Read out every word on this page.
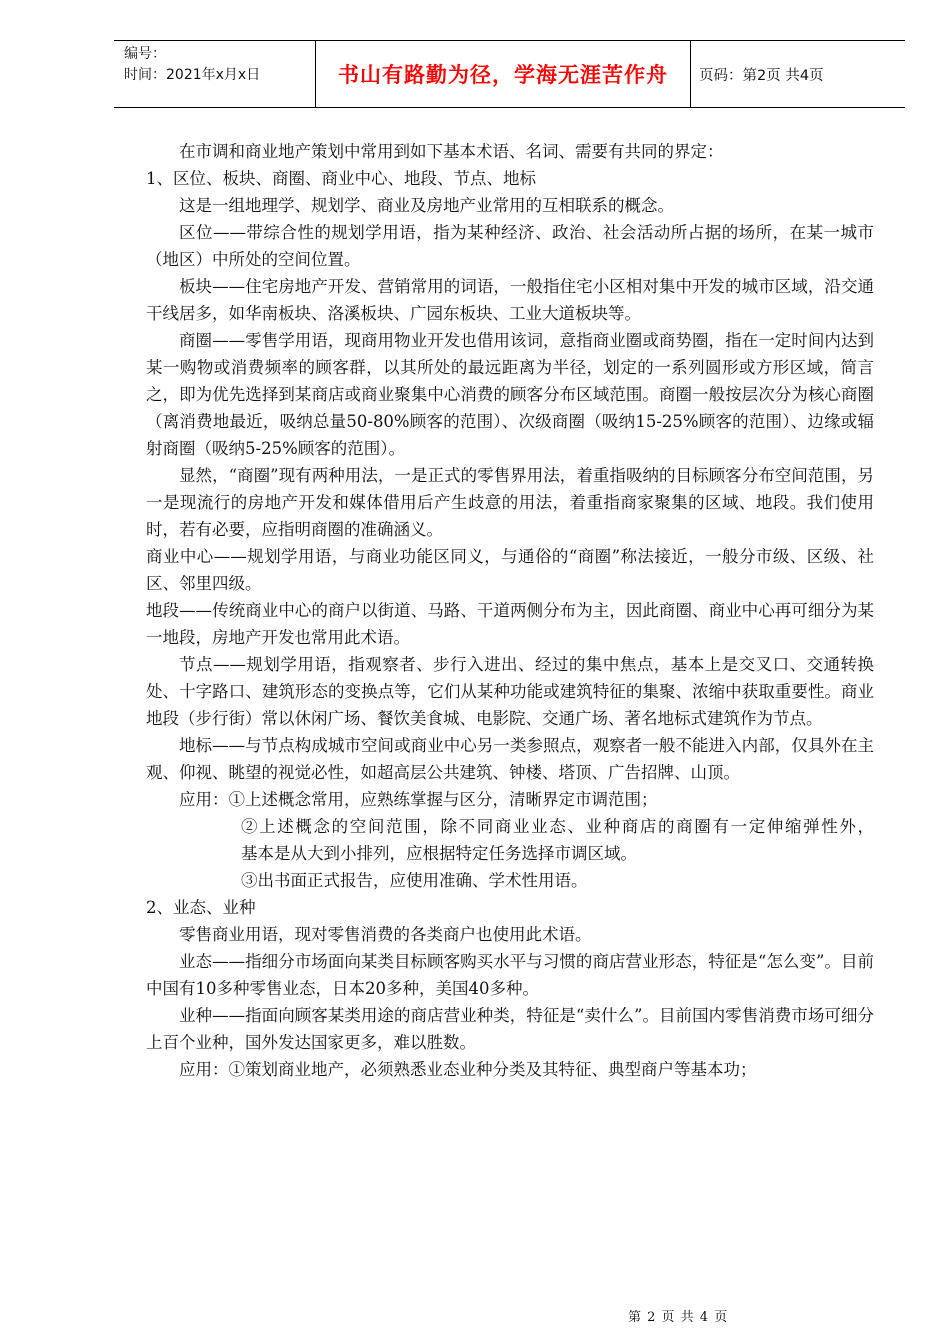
编号：
时间：2021年x月x日	书山有路勤为径，学海无涯苦作舟	页码：第2页 共4页

在市调和商业地产策划中常用到如下基本术语、名词、需要有共同的界定：

1、区位、板块、商圈、商业中心、地段、节点、地标

这是一组地理学、规划学、商业及房地产业常用的互相联系的概念。

区位——带综合性的规划学用语，指为某种经济、政治、社会活动所占据的场所，在某一城市（地区）中所处的空间位置。

板块——住宅房地产开发、营销常用的词语，一般指住宅小区相对集中开发的城市区域，沿交通干线居多，如华南板块、洛溪板块、广园东板块、工业大道板块等。

商圈——零售学用语，现商用物业开发也借用该词，意指商业圈或商势圈，指在一定时间内达到某一购物或消费频率的顾客群，以其所处的最远距离为半径，划定的一系列圆形或方形区域，简言之，即为优先选择到某商店或商业聚集中心消费的顾客分布区域范围。商圈一般按层次分为核心商圈（离消费地最近，吸纳总量50-80%顾客的范围）、次级商圈（吸纳15-25%顾客的范围）、边缘或辐射商圈（吸纳5-25%顾客的范围）。

显然，“商圈”现有两种用法，一是正式的零售界用法，着重指吸纳的目标顾客分布空间范围，另一是现流行的房地产开发和媒体借用后产生歧意的用法，着重指商家聚集的区域、地段。我们使用时，若有必要，应指明商圈的准确涵义。

商业中心——规划学用语，与商业功能区同义，与通俗的“商圈”称法接近，一般分市级、区级、社区、邻里四级。

地段——传统商业中心的商户以街道、马路、干道两侧分布为主，因此商圈、商业中心再可细分为某一地段，房地产开发也常用此术语。

节点——规划学用语，指观察者、步行入进出、经过的集中焦点，基本上是交叉口、交通转换处、十字路口、建筑形态的变换点等，它们从某种功能或建筑特征的集聚、浓缩中获取重要性。商业地段（步行街）常以休闲广场、餐饮美食城、电影院、交通广场、著名地标式建筑作为节点。

地标——与节点构成城市空间或商业中心另一类参照点，观察者一般不能进入内部，仅具外在主观、仰视、眺望的视觉必性，如超高层公共建筑、钟楼、塔顶、广告招牌、山顶。

应用：①上述概念常用，应熟练掌握与区分，清晰界定市调范围；

②上述概念的空间范围，除不同商业业态、业种商店的商圈有一定伸缩弹性外，基本是从大到小排列，应根据特定任务选择市调区域。

③出书面正式报告，应使用准确、学术性用语。

2、业态、业种

零售商业用语，现对零售消费的各类商户也使用此术语。

业态——指细分市场面向某类目标顾客购买水平与习惯的商店营业形态，特征是“怎么变”。目前中国有10多种零售业态，日本20多种，美国40多种。

业种——指面向顾客某类用途的商店营业种类，特征是“卖什么”。目前国内零售消费市场可细分上百个业种，国外发达国家更多，难以胜数。

应用：①策划商业地产，必须熟悉业态业种分类及其特征、典型商户等基本功；

第 2 页 共 4 页
